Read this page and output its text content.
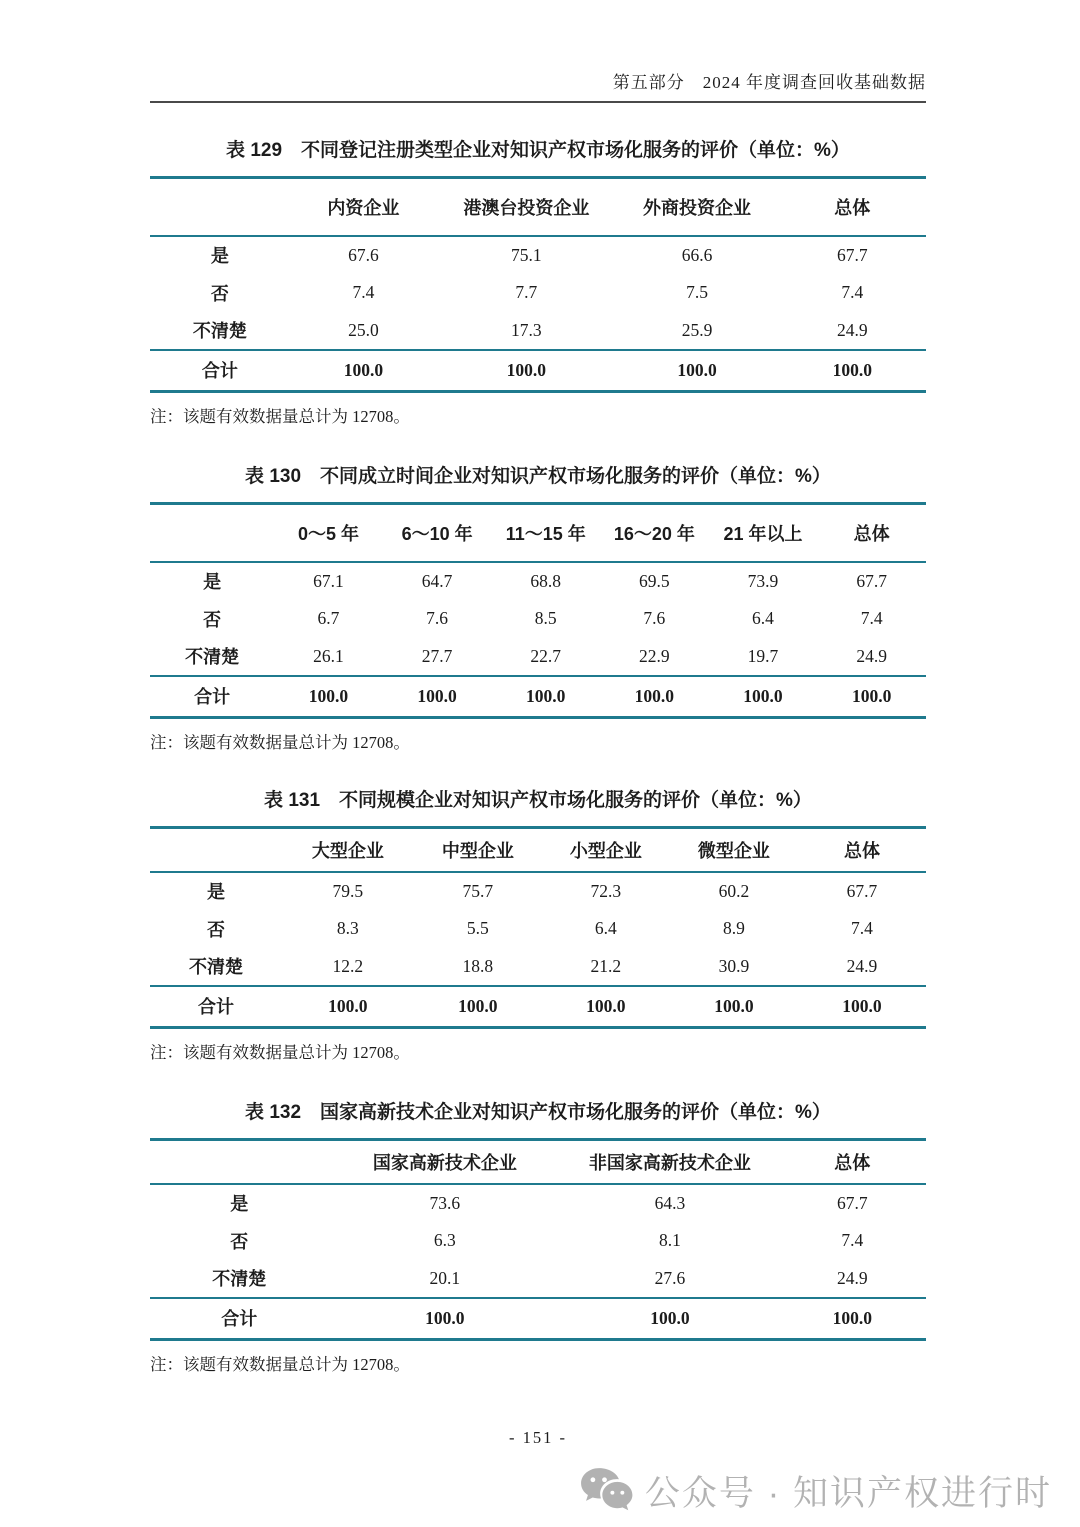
第五部分　2024 年度调查回收基础数据
表 129　不同登记注册类型企业对知识产权市场化服务的评价（单位：%）
	内资企业	港澳台投资企业	外商投资企业	总体
是	67.6	75.1	66.6	67.7
否	7.4	7.7	7.5	7.4
不清楚	25.0	17.3	25.9	24.9
合计	100.0	100.0	100.0	100.0
注：该题有效数据量总计为 12708。
表 130　不同成立时间企业对知识产权市场化服务的评价（单位：%）
	0～5 年	6～10 年	11～15 年	16～20 年	21 年以上	总体
是	67.1	64.7	68.8	69.5	73.9	67.7
否	6.7	7.6	8.5	7.6	6.4	7.4
不清楚	26.1	27.7	22.7	22.9	19.7	24.9
合计	100.0	100.0	100.0	100.0	100.0	100.0
注：该题有效数据量总计为 12708。
表 131　不同规模企业对知识产权市场化服务的评价（单位：%）
	大型企业	中型企业	小型企业	微型企业	总体
是	79.5	75.7	72.3	60.2	67.7
否	8.3	5.5	6.4	8.9	7.4
不清楚	12.2	18.8	21.2	30.9	24.9
合计	100.0	100.0	100.0	100.0	100.0
注：该题有效数据量总计为 12708。
表 132　国家高新技术企业对知识产权市场化服务的评价（单位：%）
	国家高新技术企业	非国家高新技术企业	总体
是	73.6	64.3	67.7
否	6.3	8.1	7.4
不清楚	20.1	27.6	24.9
合计	100.0	100.0	100.0
注：该题有效数据量总计为 12708。
- 151 -
公众号 · 知识产权进行时
